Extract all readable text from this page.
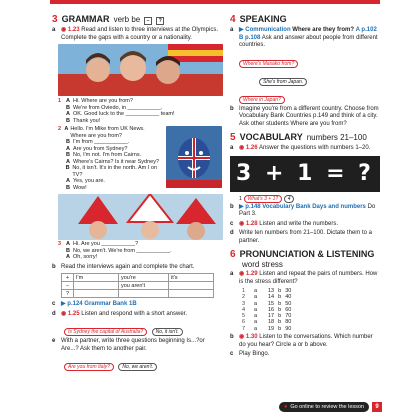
3 GRAMMAR verb be	−	?
a ◉ 1.23 Read and listen to three interviews at the Olympics. Complete the gaps with a country or a nationality.
1 A Hi. Where are you from?
B We're from Oviedo, in ___________.
A OK. Good luck to the ___________ team!
B Thank you!
2 A Hello. I'm Mike from UK News. Where are you from?
B I'm from ___________.
A Are you from Sydney?
B No, I'm not. I'm from Cairns.
A Where's Cairns? Is it near Sydney?
B No, it isn't. It's in the north. Am I on TV?
A Yes, you are.
B Wow!
3 A Hi. Are you ___________?
B No, we aren't. We're from ___________.
A Oh, sorry!
b Read the interviews again and complete the chart.
+	I'm	you're	it's
−		you aren't	
?			
c ▶ p.124 Grammar Bank 1B
d ◉ 1.25 Listen and respond with a short answer.
Is Sydney the capital of Australia? No, it isn't.
e With a partner, write three questions beginning Is...?or Are...? Ask them to another pair.
Are you from Italy? No, we aren't.
4 SPEAKING
a ▶ Communication Where are they from? A p.102 B p.108 Ask and answer about people from different countries.
Where's Masako from?
She's from Japan.
Where in Japan?
b Imagine you're from a different country. Choose from Vocabulary Bank Countries p.149 and think of a city. Ask other students Where are you from?
5 VOCABULARY numbers 21–100
a ◉ 1.26 Answer the questions with numbers 1–20.
3 + 1 = ?
1 What's 3 + 1? 4
b ▶ p.148 Vocabulary Bank Days and numbers Do Part 3.
c ◉ 1.28 Listen and write the numbers.
d Write ten numbers from 21–100. Dictate them to a partner.
6 PRONUNCIATION & LISTENING
word stress
a ◉ 1.29 Listen and repeat the pairs of numbers. How is the stress different?
1	a	13 b 30
2	a	14 b 40
3	a	15 b 50
4	a	16 b 60
5	a	17 b 70
6	a	18 b 80
7	a	19 b 90
b ◉ 1.30 Listen to the conversations. Which number do you hear? Circle a or b above.
c Play Bingo.
● Go online to review the lesson	9
